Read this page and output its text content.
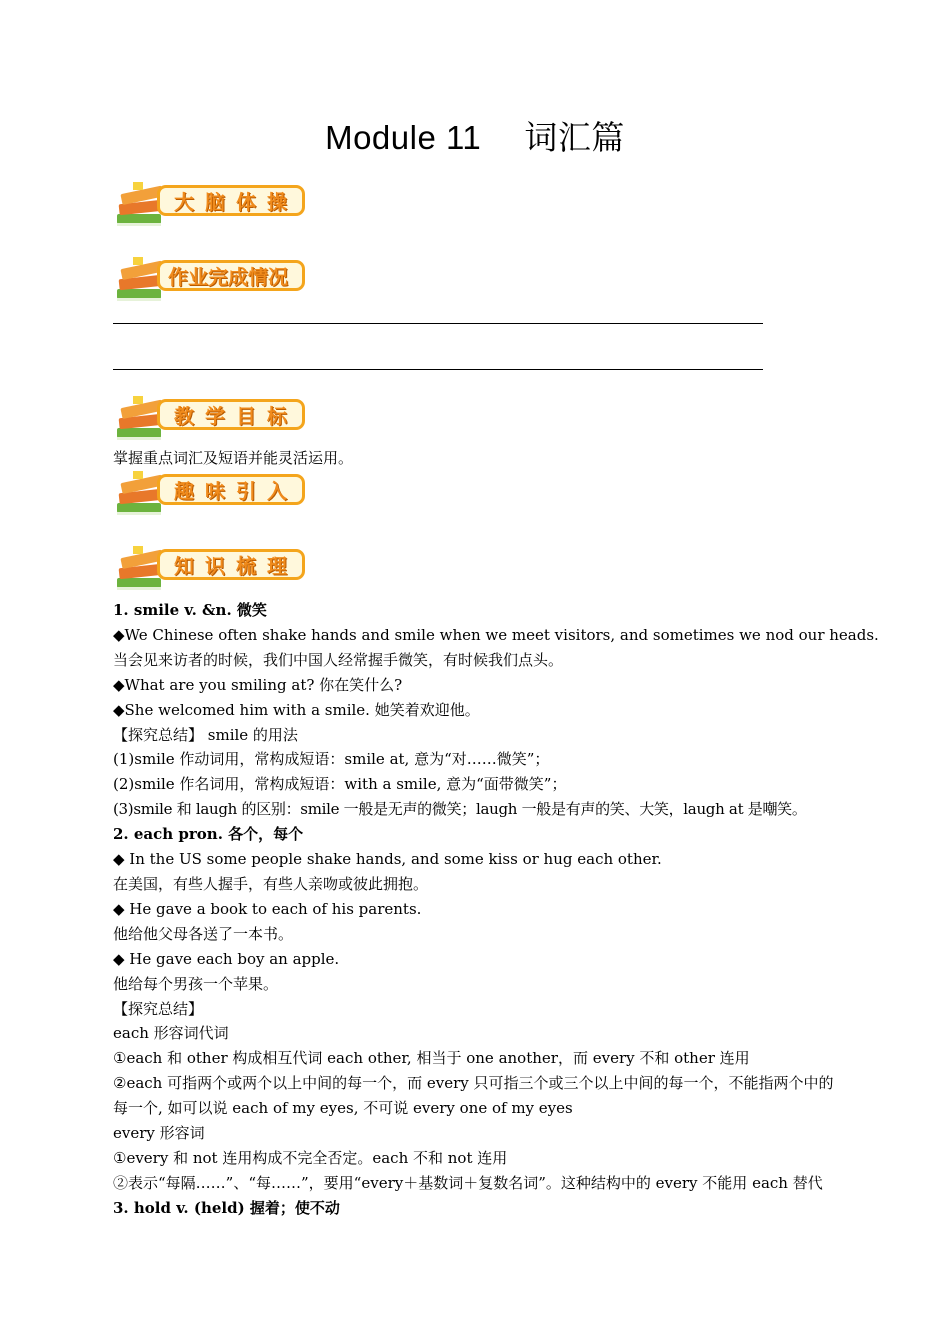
Module 11　 词汇篇
大脑体操
作业完成情况
教学目标
掌握重点词汇及短语并能灵活运用。
趣味引入
知识梳理

1. smile v. &n. 微笑

◆We Chinese often shake hands and smile when we meet visitors, and sometimes we nod our heads.

当会见来访者的时候，我们中国人经常握手微笑，有时候我们点头。

◆What are you smiling at? 你在笑什么?

◆She welcomed him with a smile. 她笑着欢迎他。

【探究总结】 smile 的用法

(1)smile 作动词用，常构成短语：smile at, 意为“对……微笑”；

(2)smile 作名词用，常构成短语：with a smile, 意为“面带微笑”；

(3)smile 和 laugh 的区别：smile 一般是无声的微笑；laugh 一般是有声的笑、大笑，laugh at 是嘲笑。

2. each pron. 各个，每个

◆ In the US some people shake hands, and some kiss or hug each other.

在美国，有些人握手，有些人亲吻或彼此拥抱。

◆ He gave a book to each of his parents.

他给他父母各送了一本书。

◆ He gave each boy an apple.

他给每个男孩一个苹果。

【探究总结】

each 形容词代词

①each 和 other 构成相互代词 each other, 相当于 one another，而 every 不和 other 连用

②each 可指两个或两个以上中间的每一个，而 every 只可指三个或三个以上中间的每一个，不能指两个中的每一个, 如可以说 each of my eyes, 不可说 every one of my eyes

every 形容词

①every 和 not 连用构成不完全否定。each 不和 not 连用

②表示“每隔……”、“每……”，要用“every＋基数词＋复数名词”。这种结构中的 every 不能用 each 替代

3. hold v. (held) 握着；使不动
